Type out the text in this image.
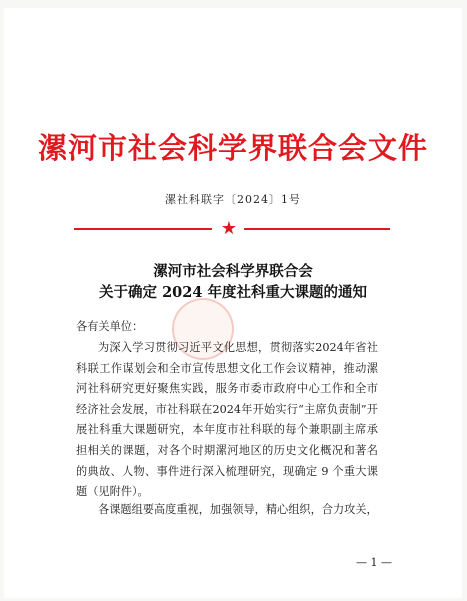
漯河市社会科学界联合会文件
漯社科联字〔2024〕1号
★
漯河市社会科学界联合会
关于确定 2024 年度社科重大课题的通知
各有关单位：
为深入学习贯彻习近平文化思想，贯彻落实2024年省社科联工作谋划会和全市宣传思想文化工作会议精神，推动漯河社科研究更好聚焦实践，服务市委市政府中心工作和全市经济社会发展，市社科联在2024年开始实行“主席负责制”开展社科重大课题研究，本年度市社科联的每个兼职副主席承担相关的课题，对各个时期漯河地区的历史文化概况和著名的典故、人物、事件进行深入梳理研究，现确定 9 个重大课题（见附件）。
各课题组要高度重视，加强领导，精心组织，合力攻关，
— 1 —
